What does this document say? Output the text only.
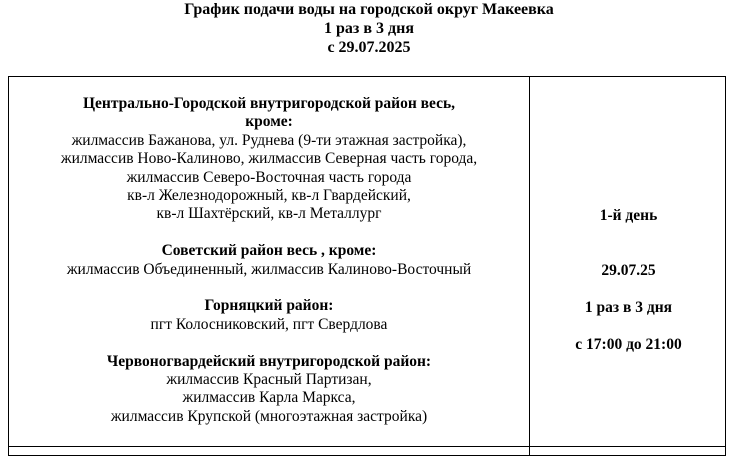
График подачи воды на городской округ Макеевка
1 раз в 3 дня
с 29.07.2025
Центрально-Городской внутригородской район весь,
кроме:
жилмассив Бажанова, ул. Руднева (9-ти этажная застройка),
жилмассив Ново-Калиново, жилмассив Северная часть города,
жилмассив Северо-Восточная часть города
кв-л Железнодорожный, кв-л Гвардейский,
кв-л Шахтёрский, кв-л Металлург
Советский район весь , кроме:
жилмассив Объединенный, жилмассив Калиново-Восточный
Горняцкий район:
пгт Колосниковский, пгт Свердлова
Червоногвардейский внутригородской район:
жилмассив Красный Партизан,
жилмассив Карла Маркса,
жилмассив Крупской (многоэтажная застройка)
1-й день
29.07.25
1 раз в 3 дня
с 17:00 до 21:00
